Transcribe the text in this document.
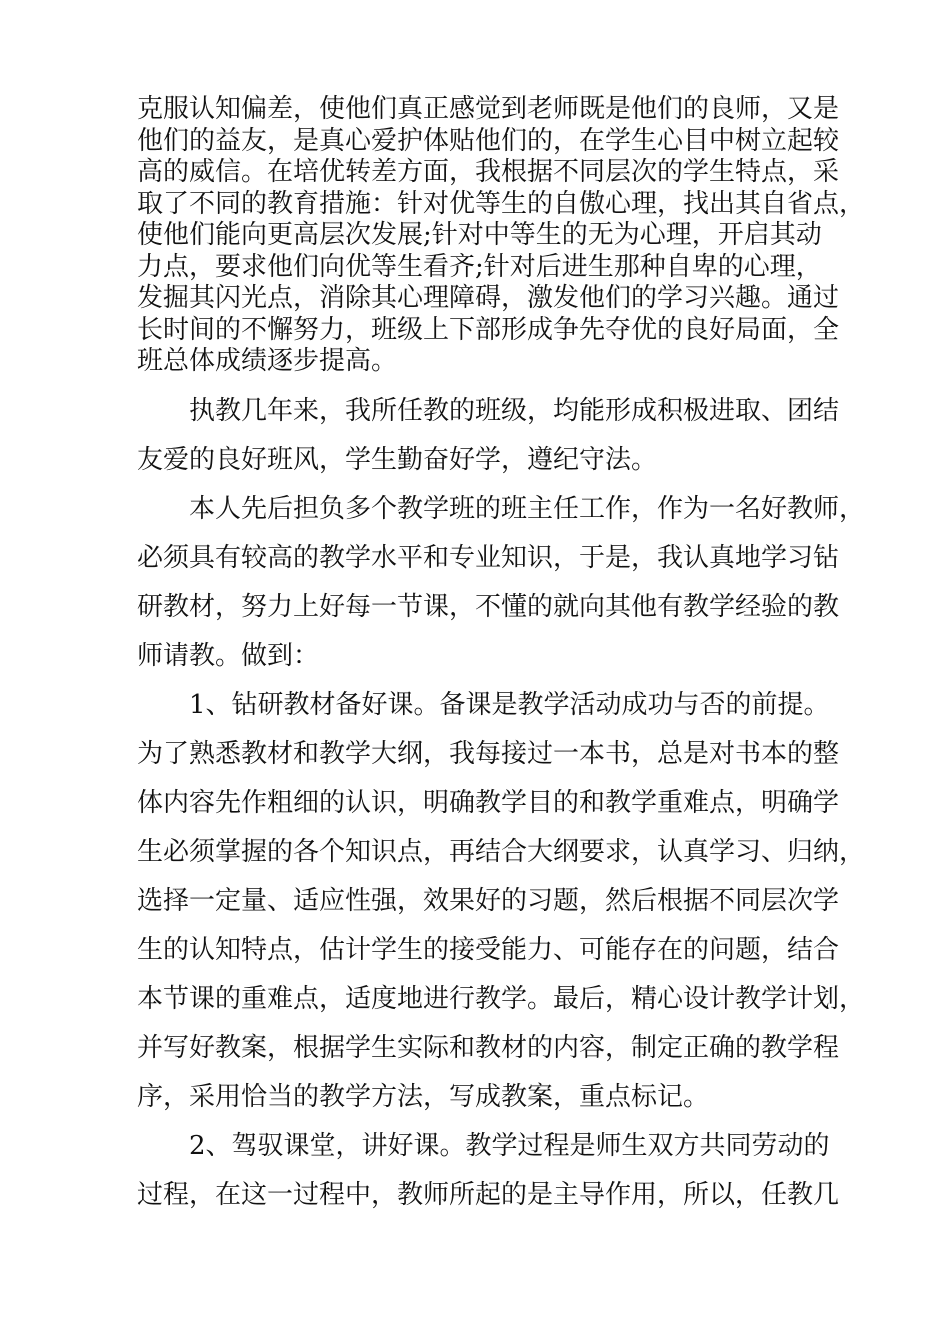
克服认知偏差，使他们真正感觉到老师既是他们的良师，又是
他们的益友，是真心爱护体贴他们的，在学生心目中树立起较
高的威信。在培优转差方面，我根据不同层次的学生特点，采
取了不同的教育措施：针对优等生的自傲心理，找出其自省点，
使他们能向更高层次发展;针对中等生的无为心理，开启其动
力点，要求他们向优等生看齐;针对后进生那种自卑的心理，
发掘其闪光点，消除其心理障碍，激发他们的学习兴趣。通过
长时间的不懈努力，班级上下部形成争先夺优的良好局面，全
班总体成绩逐步提高。
执教几年来，我所任教的班级，均能形成积极进取、团结
友爱的良好班风，学生勤奋好学，遵纪守法。
本人先后担负多个教学班的班主任工作，作为一名好教师，
必须具有较高的教学水平和专业知识，于是，我认真地学习钻
研教材，努力上好每一节课，不懂的就向其他有教学经验的教
师请教。做到：
1、钻研教材备好课。备课是教学活动成功与否的前提。
为了熟悉教材和教学大纲，我每接过一本书，总是对书本的整
体内容先作粗细的认识，明确教学目的和教学重难点，明确学
生必须掌握的各个知识点，再结合大纲要求，认真学习、归纳，
选择一定量、适应性强，效果好的习题，然后根据不同层次学
生的认知特点，估计学生的接受能力、可能存在的问题，结合
本节课的重难点，适度地进行教学。最后，精心设计教学计划，
并写好教案，根据学生实际和教材的内容，制定正确的教学程
序，采用恰当的教学方法，写成教案，重点标记。
2、驾驭课堂，讲好课。教学过程是师生双方共同劳动的
过程，在这一过程中，教师所起的是主导作用，所以，任教几
